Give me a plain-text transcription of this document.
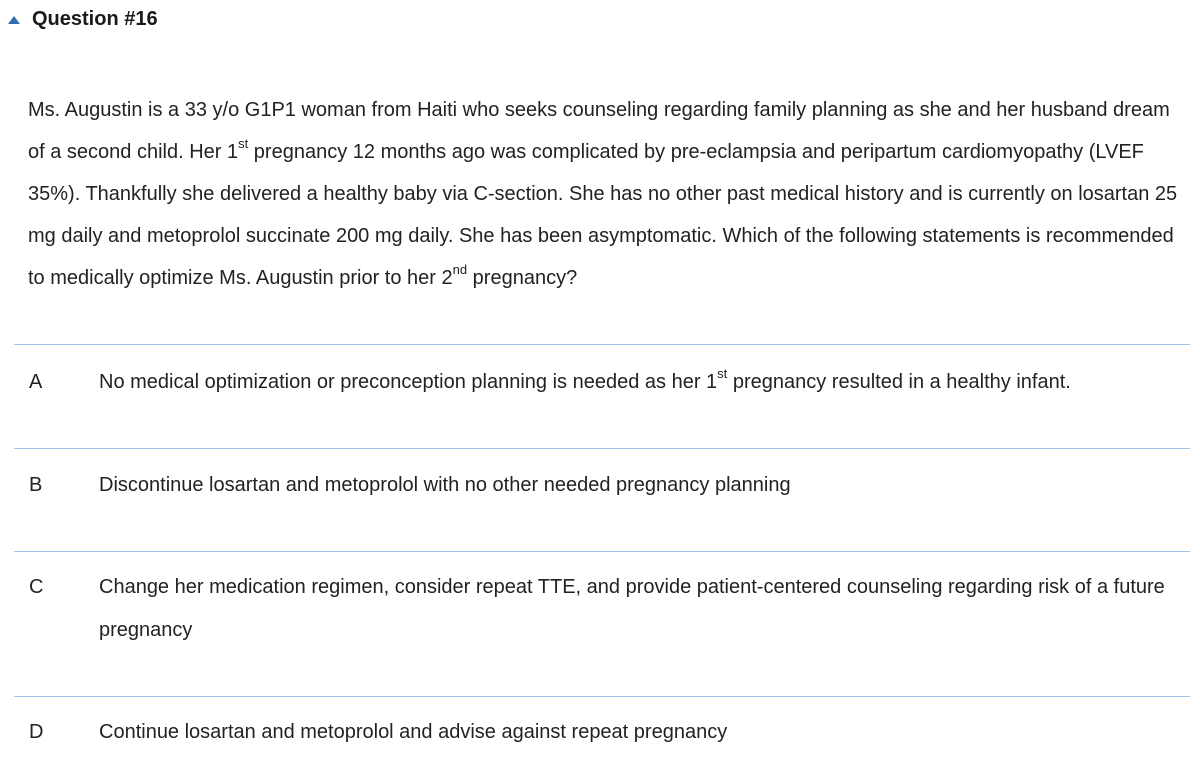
Question #16
Ms. Augustin is a 33 y/o G1P1 woman from Haiti who seeks counseling regarding family planning as she and her husband dream of a second child. Her 1st pregnancy 12 months ago was complicated by pre-eclampsia and peripartum cardiomyopathy (LVEF 35%). Thankfully she delivered a healthy baby via C-section. She has no other past medical history and is currently on losartan 25 mg daily and metoprolol succinate 200 mg daily. She has been asymptomatic. Which of the following statements is recommended to medically optimize Ms. Augustin prior to her 2nd pregnancy?
A	No medical optimization or preconception planning is needed as her 1st pregnancy resulted in a healthy infant.
B	Discontinue losartan and metoprolol with no other needed pregnancy planning
C	Change her medication regimen, consider repeat TTE, and provide patient-centered counseling regarding risk of a future pregnancy
D	Continue losartan and metoprolol and advise against repeat pregnancy
